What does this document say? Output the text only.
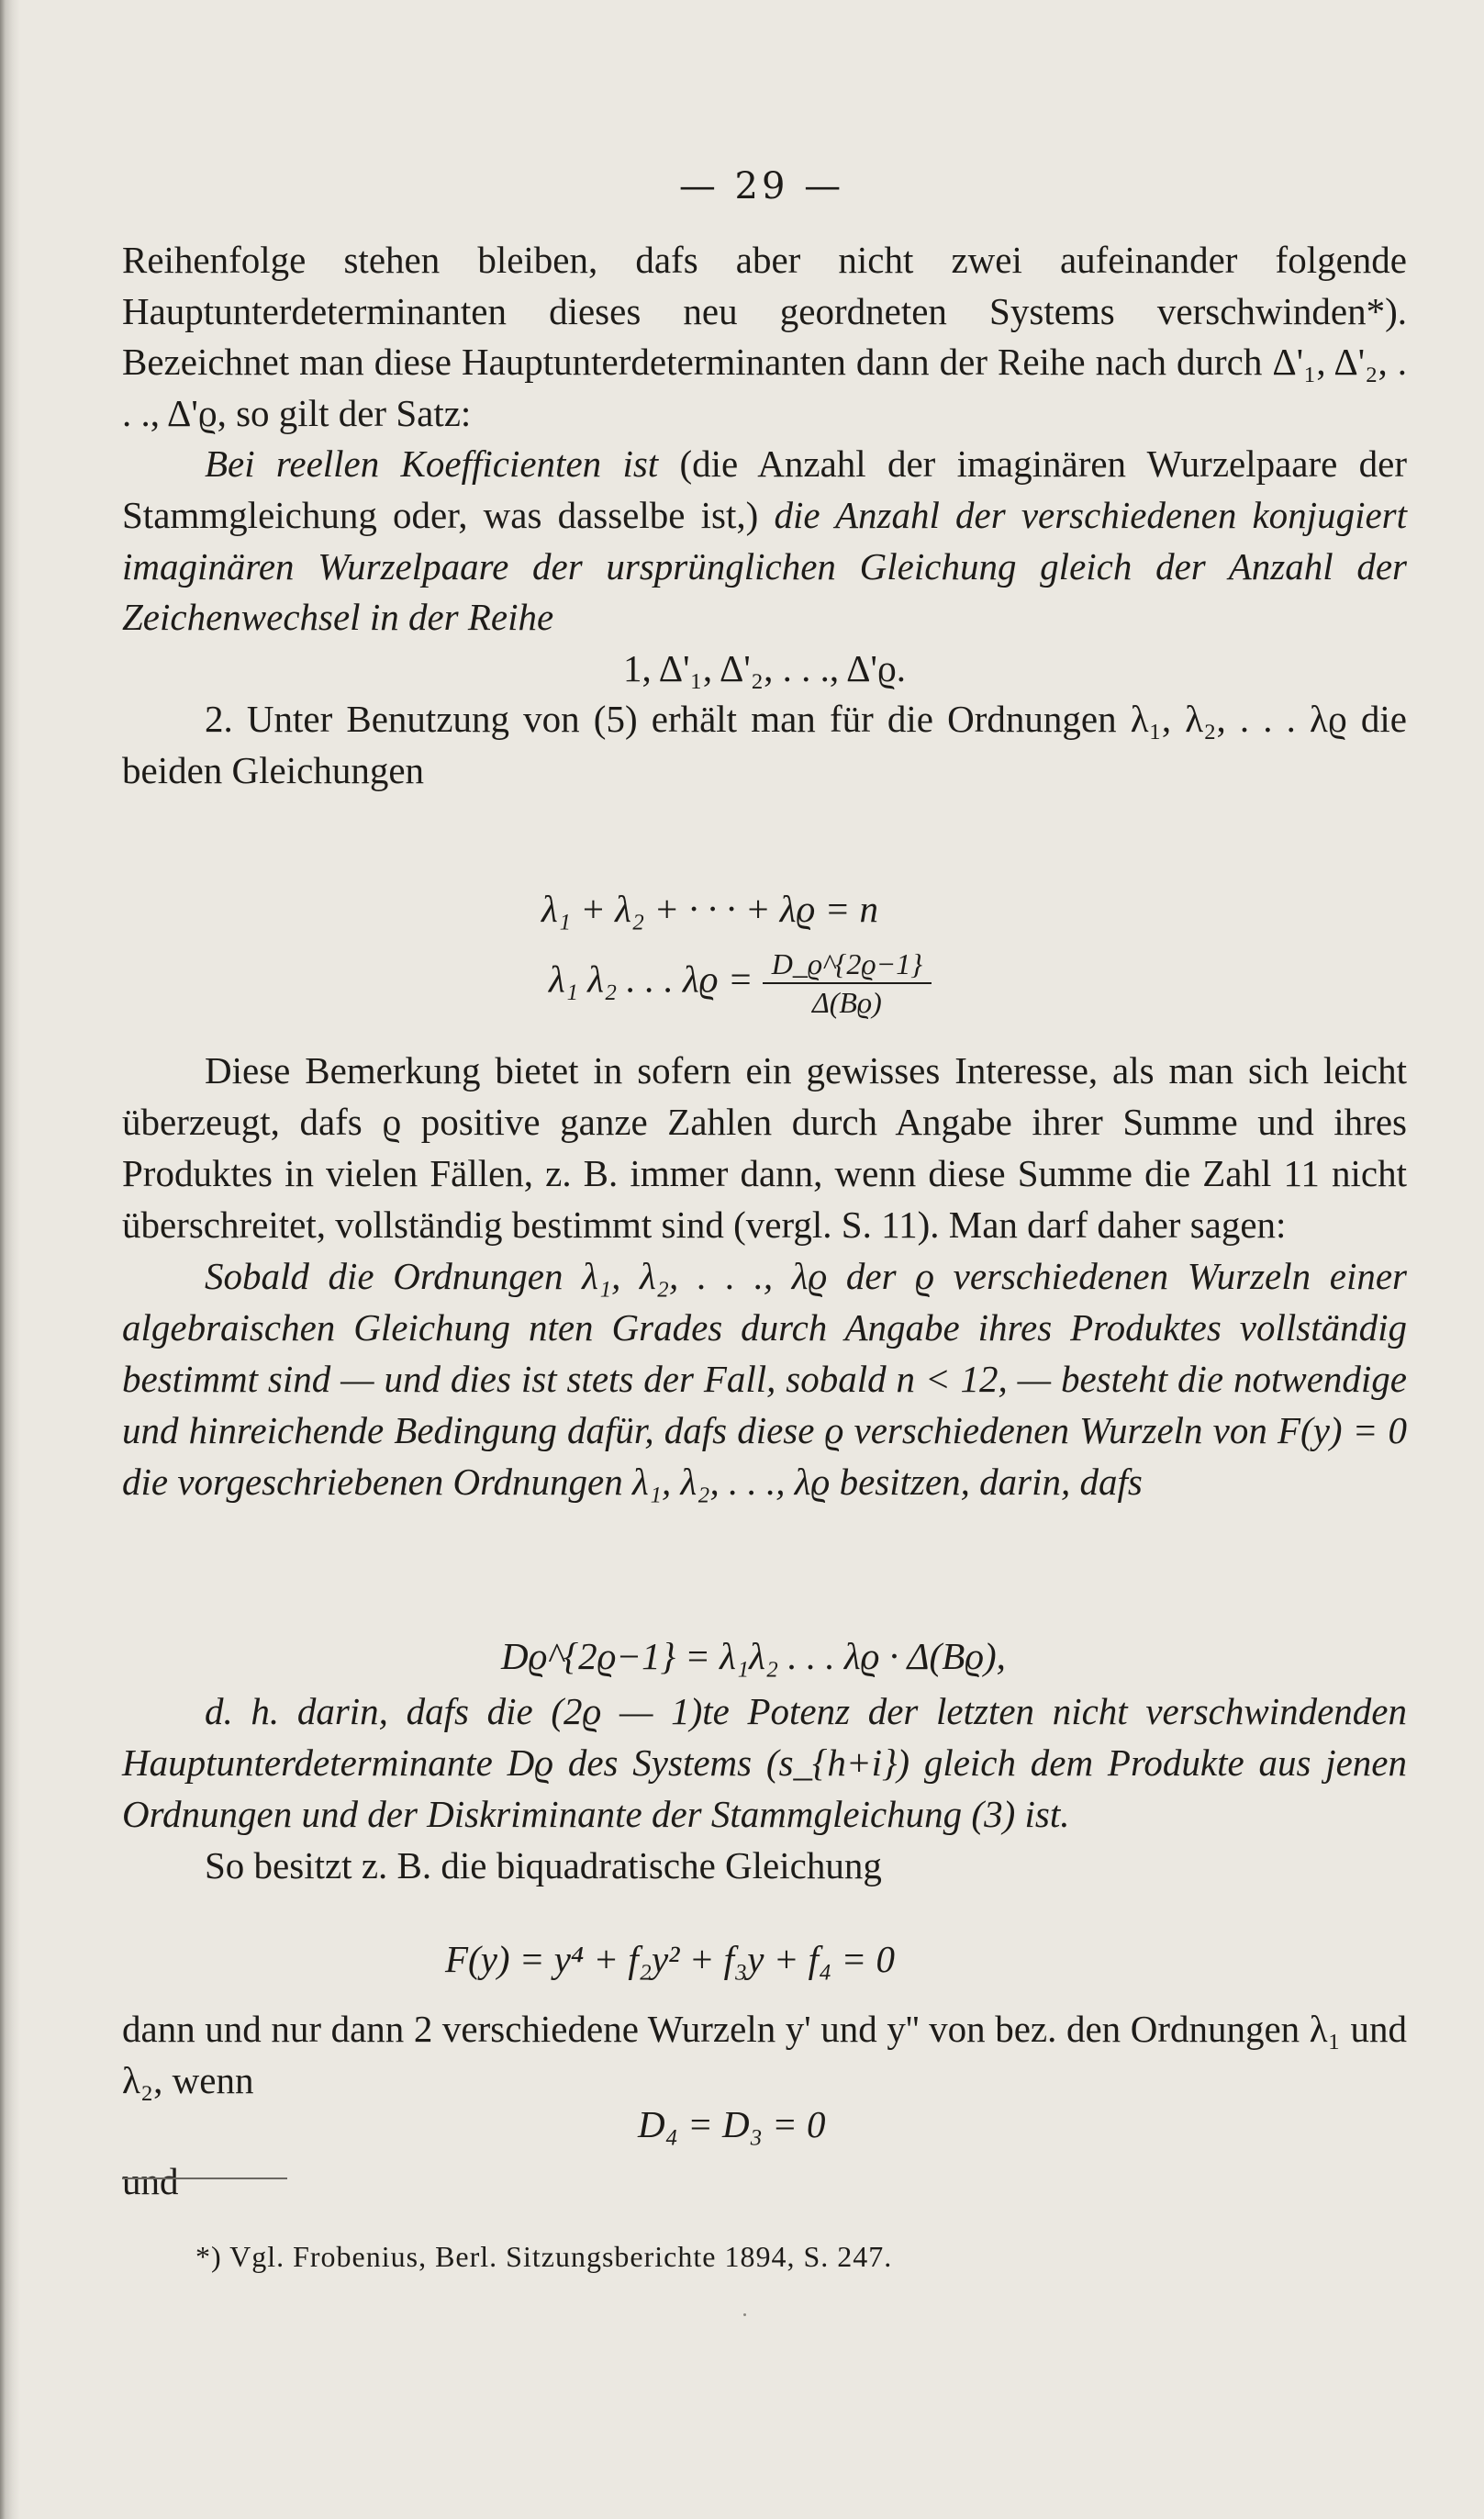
— 29 —

Reihenfolge stehen bleiben, dafs aber nicht zwei aufeinander folgende Hauptunterdeterminanten dieses neu geordneten Systems verschwinden*). Bezeichnet man diese Hauptunterdeterminanten dann der Reihe nach durch Δ'₁, Δ'₂, . . ., Δ'ϱ, so gilt der Satz:

Bei reellen Koefficienten ist (die Anzahl der imaginären Wurzelpaare der Stammgleichung oder, was dasselbe ist,) die Anzahl der verschiedenen konjugiert imaginären Wurzelpaare der ursprünglichen Gleichung gleich der Anzahl der Zeichenwechsel in der Reihe

1, Δ'₁, Δ'₂, . . ., Δ'ϱ.

2. Unter Benutzung von (5) erhält man für die Ordnungen λ₁, λ₂, . . . λϱ die beiden Gleichungen

λ₁ + λ₂ + · · · + λϱ = n
λ₁ λ₂ . . . $\lambda ϱ = \frac{D\_ϱ\^{}\{2ϱ-1\}}{\Delta(Bϱ)}$

Diese Bemerkung bietet in sofern ein gewisses Interesse, als man sich leicht überzeugt, dafs ϱ positive ganze Zahlen durch Angabe ihrer Summe und ihres Produktes in vielen Fällen, z. B. immer dann, wenn diese Summe die Zahl 11 nicht überschreitet, vollständig bestimmt sind (vergl. S. 11). Man darf daher sagen:

Sobald die Ordnungen λ₁, λ₂, . . ., λϱ der ϱ verschiedenen Wurzeln einer algebraischen Gleichung nten Grades durch Angabe ihres Produktes vollständig bestimmt sind — und dies ist stets der Fall, sobald n < 12, — besteht die notwendige und hinreichende Bedingung dafür, dafs diese ϱ verschiedenen Wurzeln von F(y) = 0 die vorgeschriebenen Ordnungen λ₁, λ₂, . . ., λϱ besitzen, darin, dafs

Dϱ^{2ϱ−1} = λ₁λ₂ . . . λϱ · Δ(Bϱ),

d. h. darin, dafs die (2ϱ — 1)te Potenz der letzten nicht verschwindenden Hauptunterdeterminante Dϱ des Systems (s_{h+i}) gleich dem Produkte aus jenen Ordnungen und der Diskriminante der Stammgleichung (3) ist.

So besitzt z. B. die biquadratische Gleichung

F(y) = y⁴ + f₂y² + f₃y + f₄ = 0

dann und nur dann 2 verschiedene Wurzeln y' und y'' von bez. den Ordnungen λ₁ und λ₂, wenn

D₄ = D₃ = 0
und
*) Vgl. Frobenius, Berl. Sitzungsberichte 1894, S. 247.
